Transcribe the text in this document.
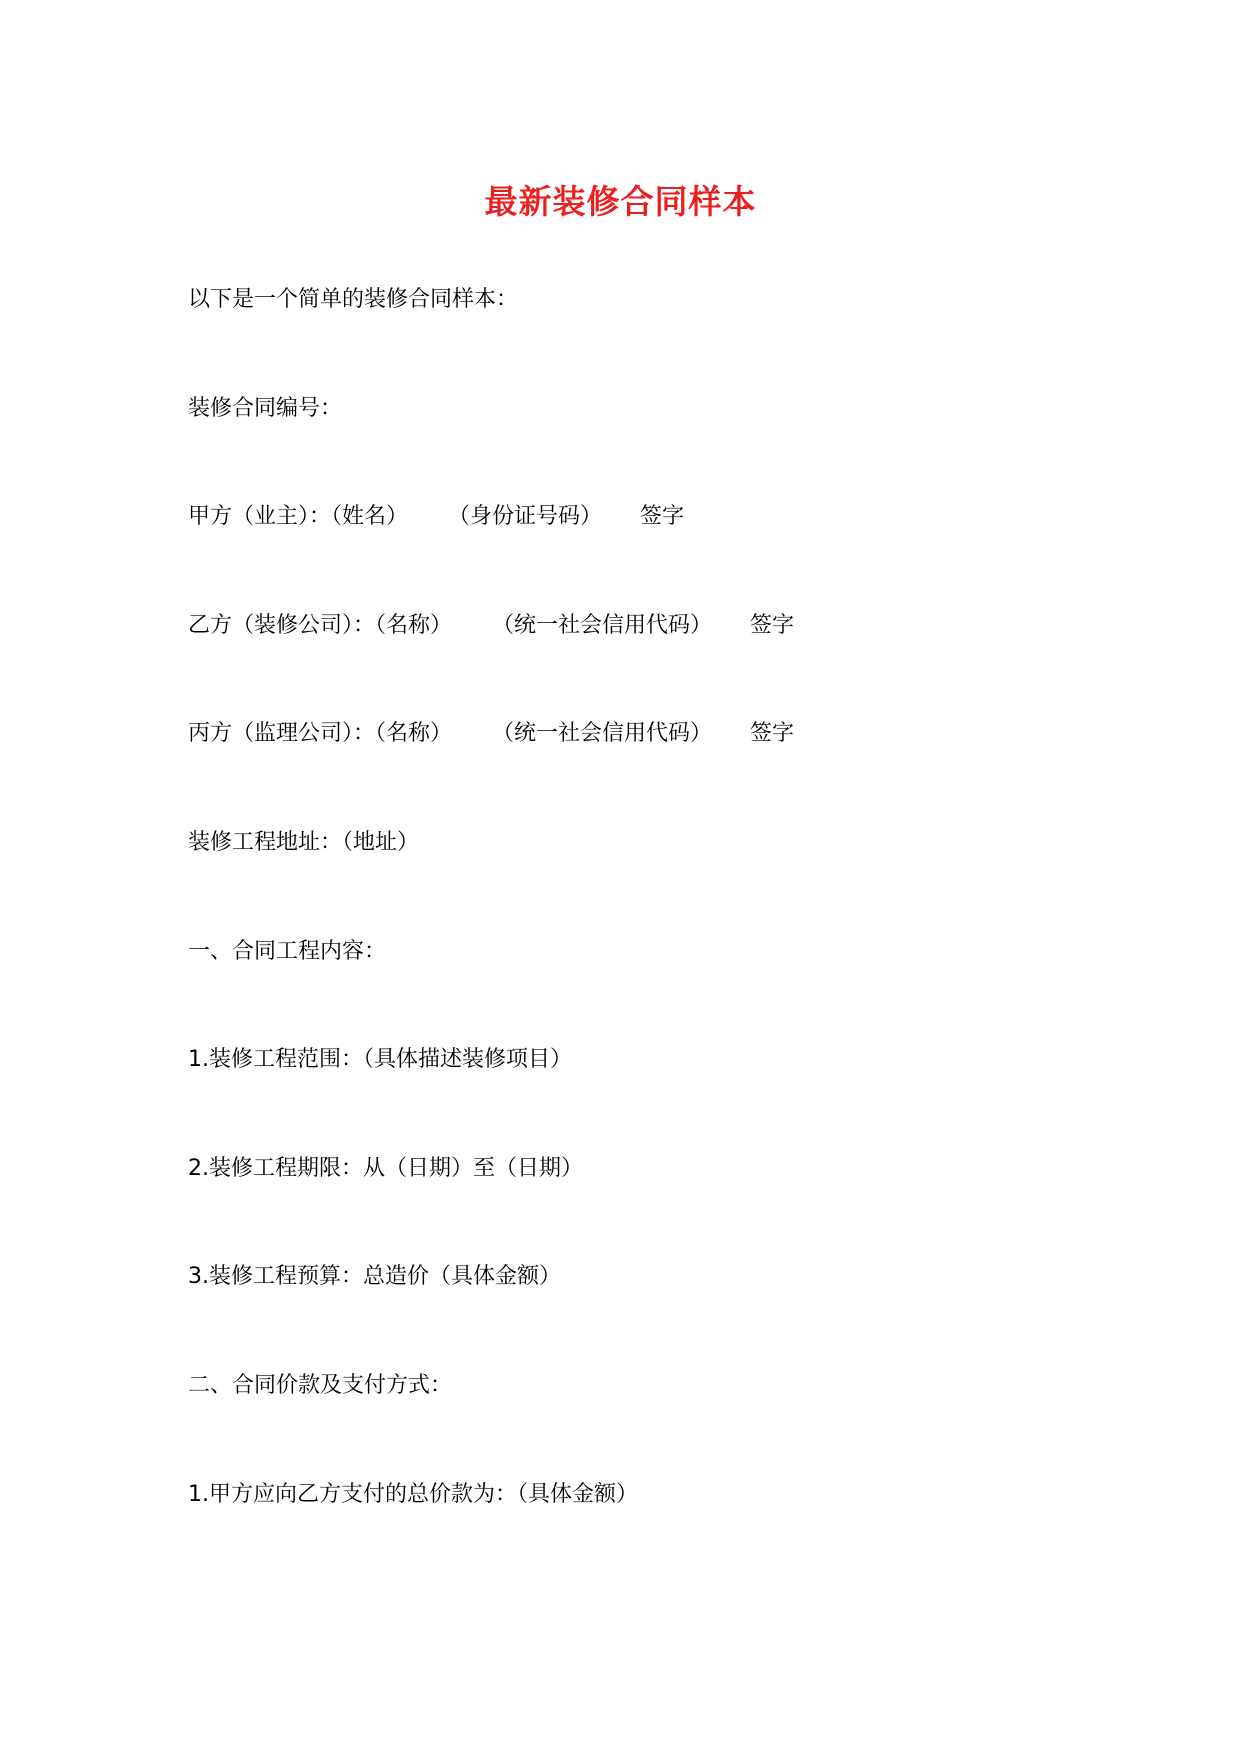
最新装修合同样本
以下是一个简单的装修合同样本：
装修合同编号：
甲方（业主）：（姓名） （身份证号码） 签字
乙方（装修公司）：（名称） （统一社会信用代码） 签字
丙方（监理公司）：（名称） （统一社会信用代码） 签字
装修工程地址：（地址）
一、合同工程内容：
1.装修工程范围：（具体描述装修项目）
2.装修工程期限：从（日期）至（日期）
3.装修工程预算：总造价（具体金额）
二、合同价款及支付方式：
1.甲方应向乙方支付的总价款为：（具体金额）
